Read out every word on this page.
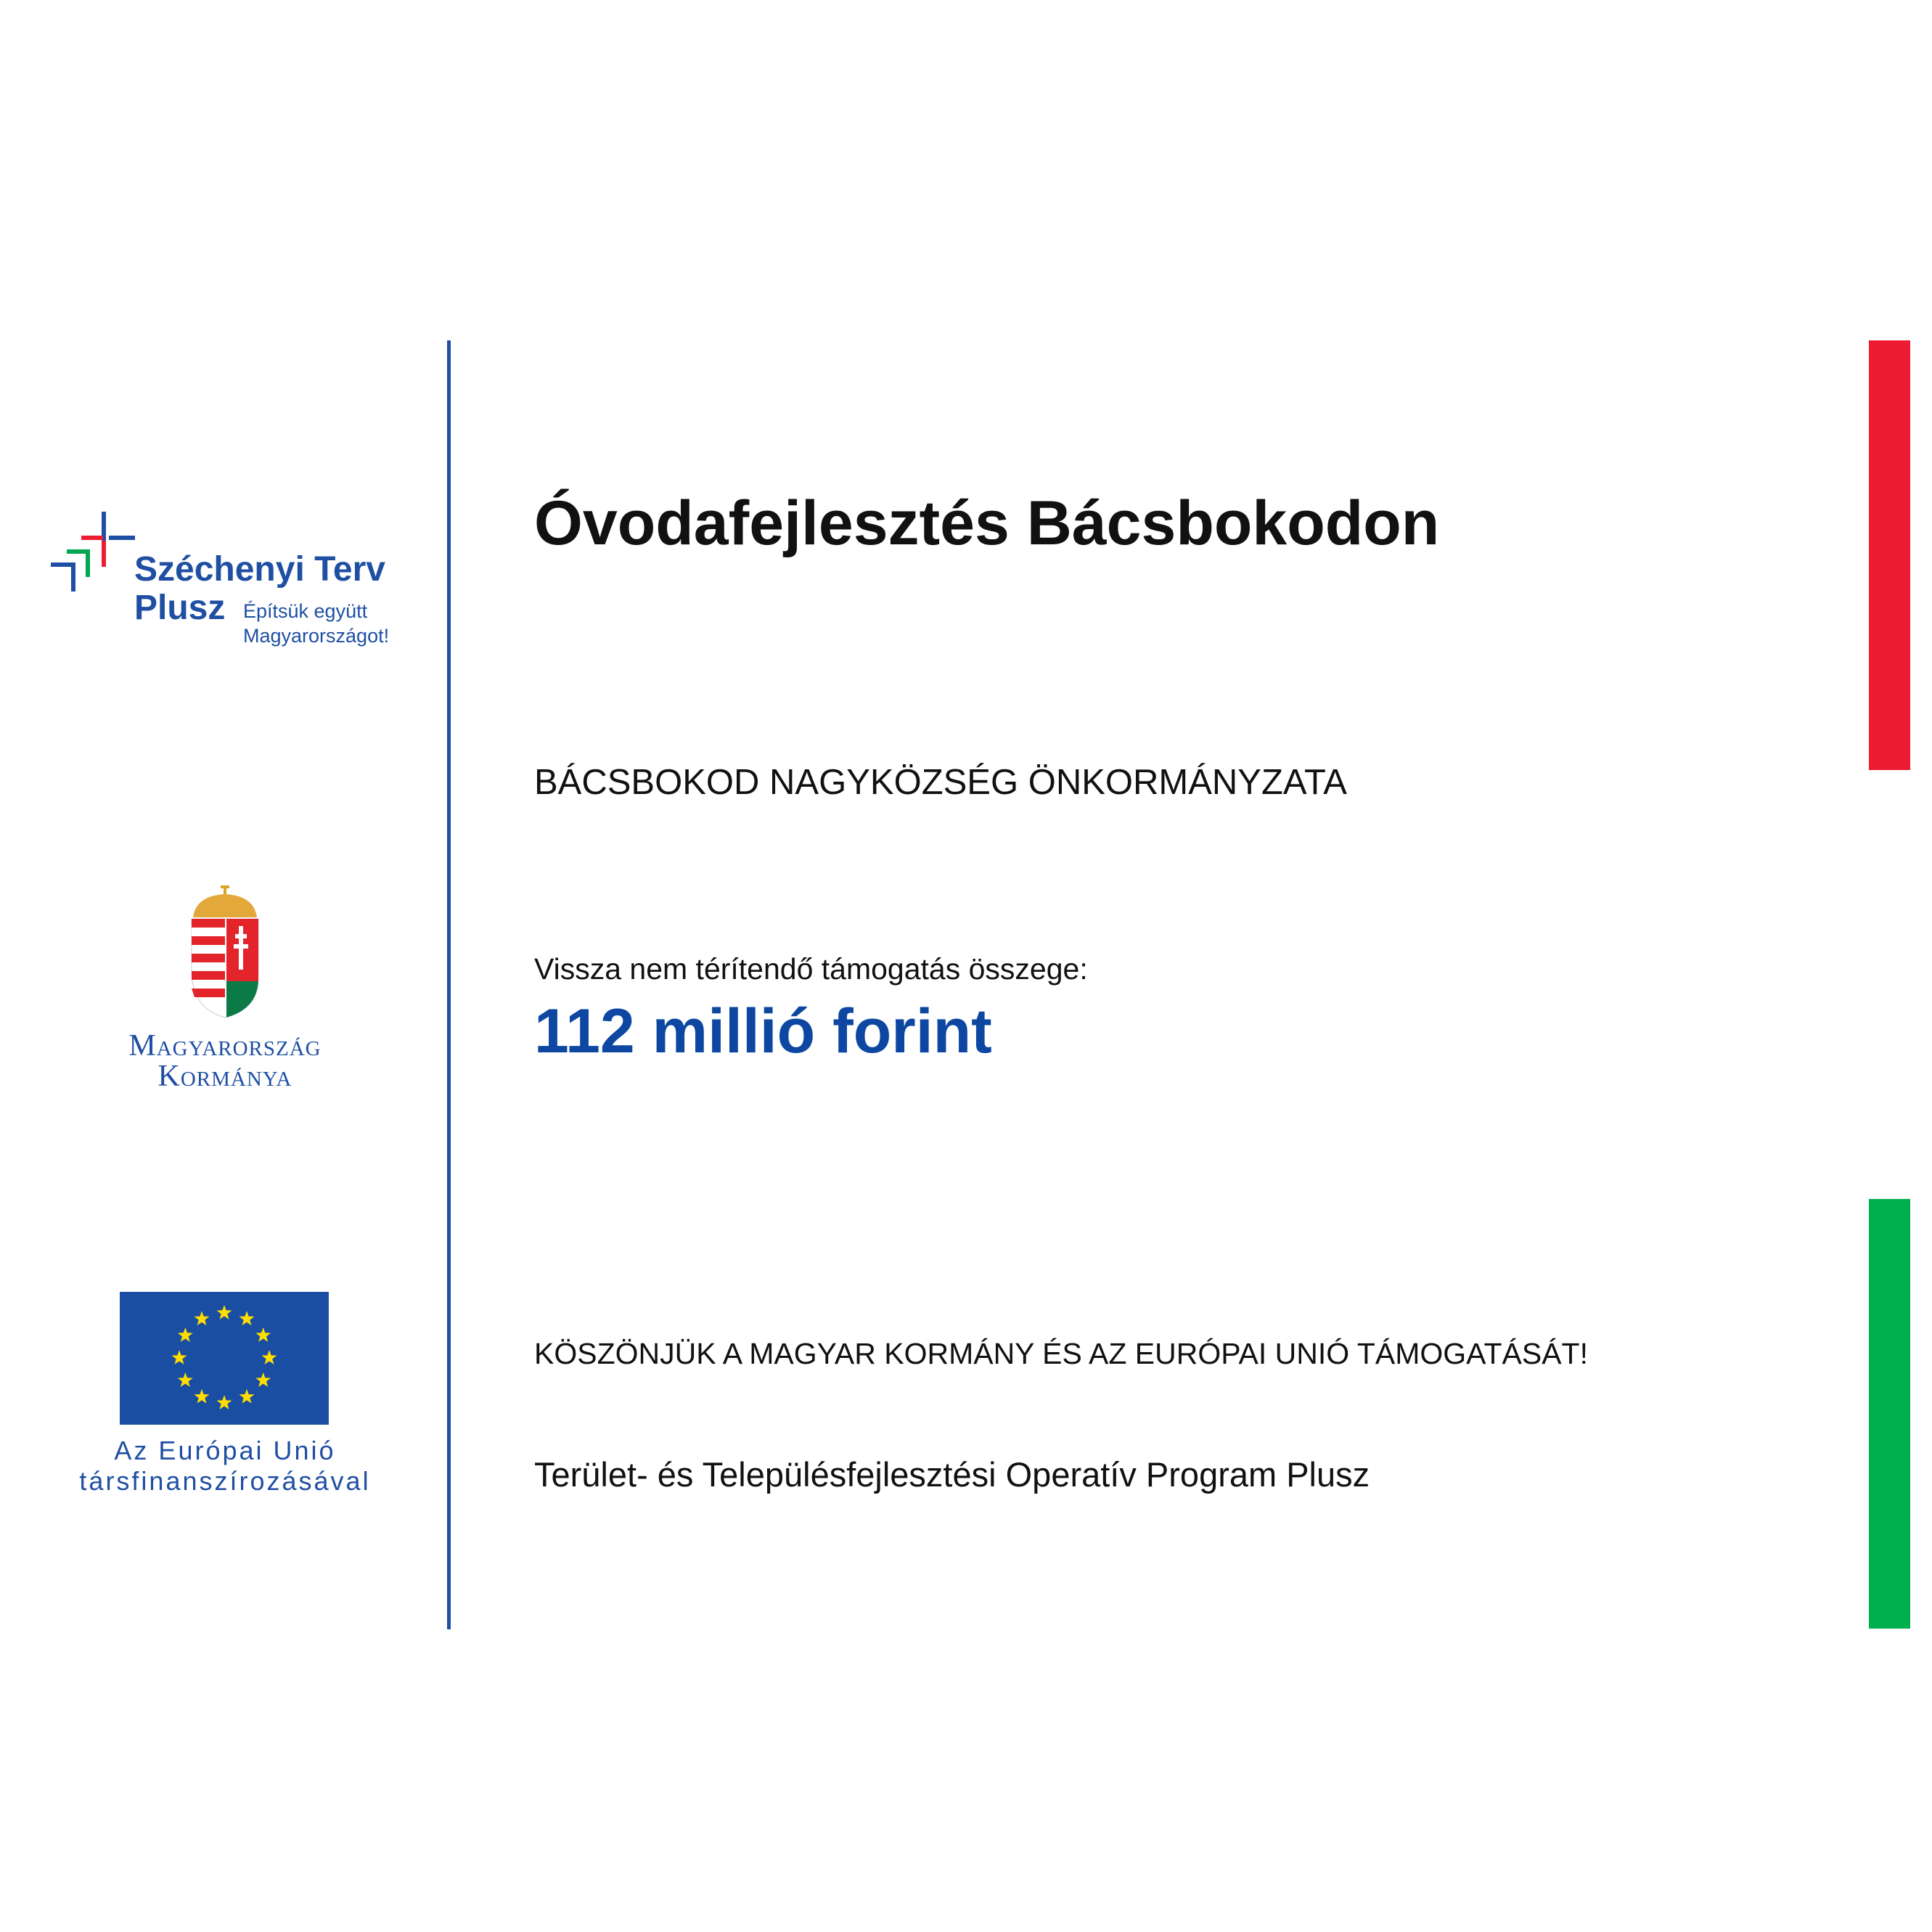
Széchenyi Terv
Plusz Építsük együtt
Magyarországot!
Magyarország
Kormánya
Az Európai Unió
társfinanszírozásával
Óvodafejlesztés Bácsbokodon
BÁCSBOKOD NAGYKÖZSÉG ÖNKORMÁNYZATA
Vissza nem térítendő támogatás összege:
112 millió forint
KÖSZÖNJÜK A MAGYAR KORMÁNY ÉS AZ EURÓPAI UNIÓ TÁMOGATÁSÁT!
Terület- és Településfejlesztési Operatív Program Plusz
